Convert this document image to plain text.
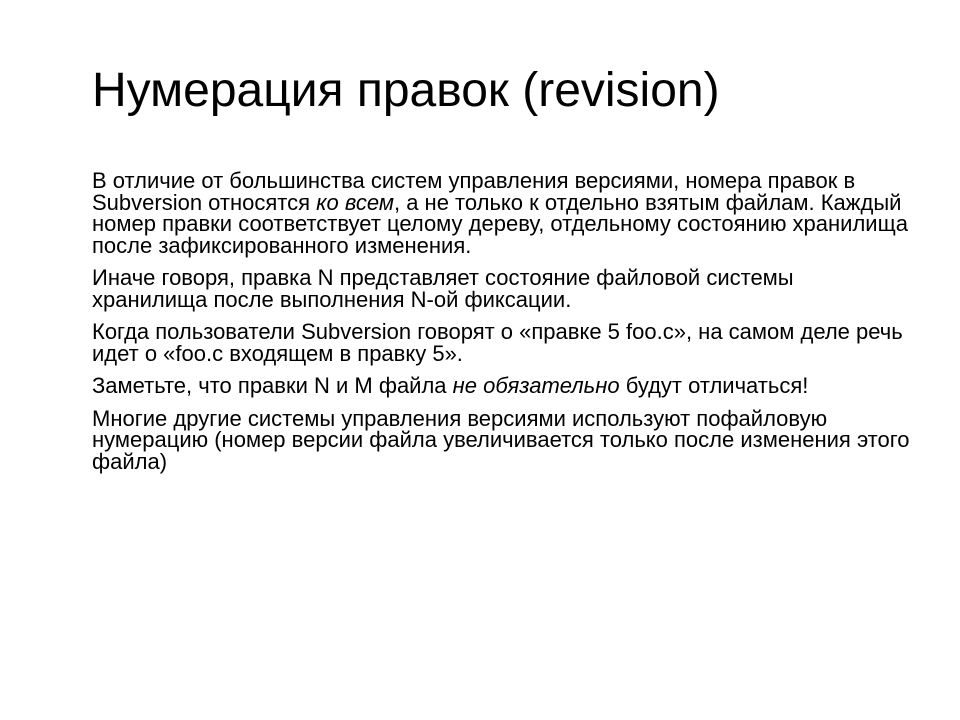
Нумерация правок (revision)

В отличие от большинства систем управления версиями, номера правок в Subversion относятся ко всем, а не только к отдельно взятым файлам. Каждый номер правки соответствует целому дереву, отдельному состоянию хранилища после зафиксированного изменения.

Иначе говоря, правка N представляет состояние файловой системы хранилища после выполнения N-ой фиксации.

Когда пользователи Subversion говорят о «правке 5 foo.c», на самом деле речь идет о «foo.c входящем в правку 5».

Заметьте, что правки N и M файла не обязательно будут отличаться!

Многие другие системы управления версиями используют пофайловую нумерацию (номер версии файла увеличивается только после изменения этого файла)
